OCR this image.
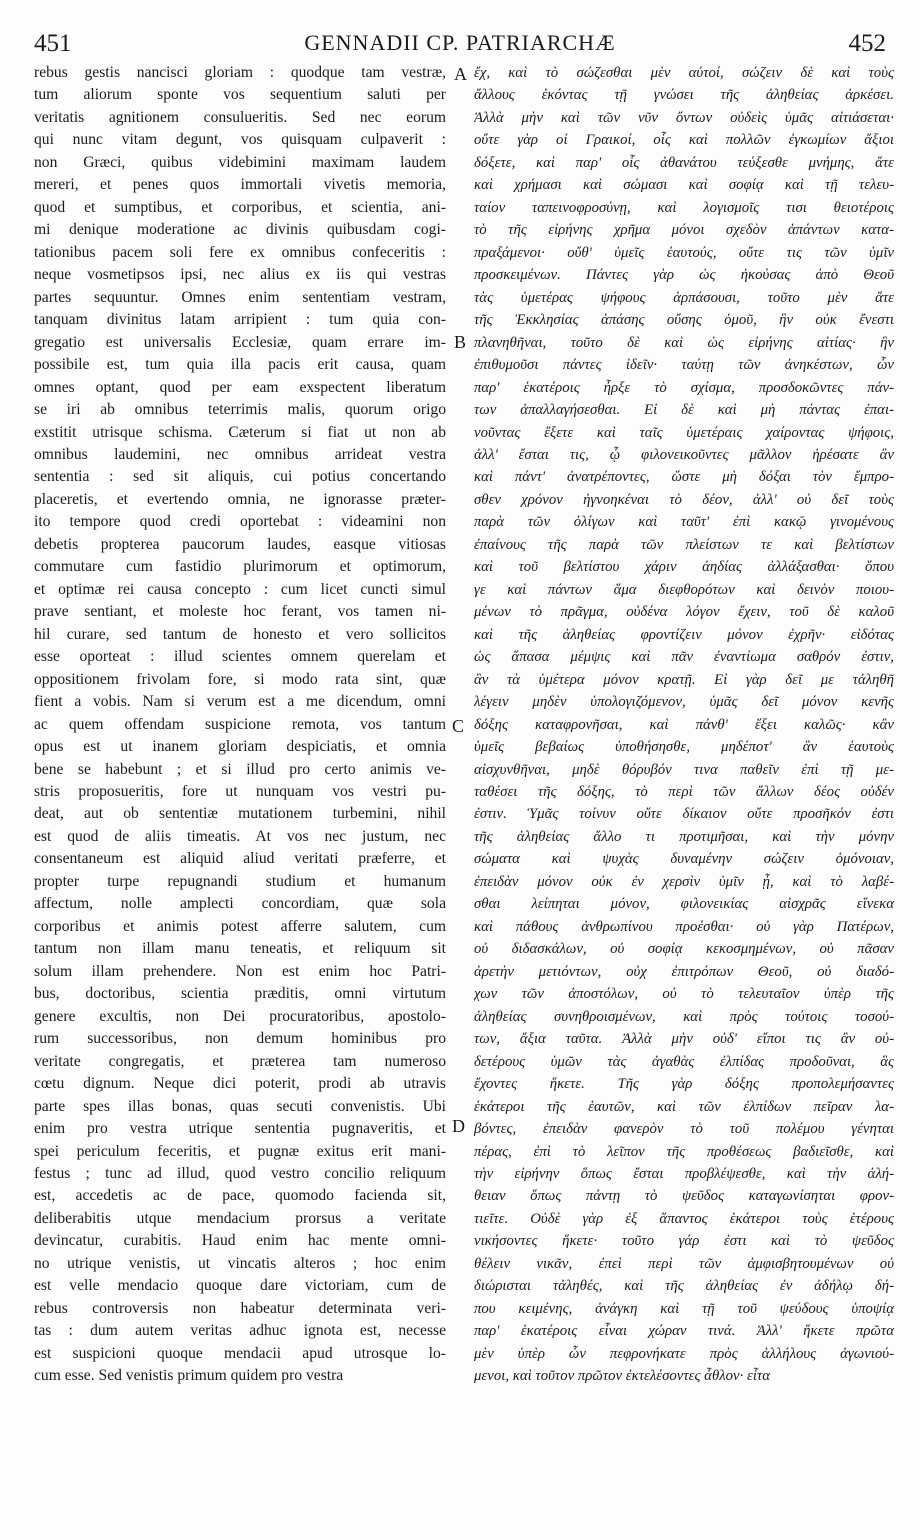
451	GENNADII CP. PATRIARCHÆ	452
rebus gestis nancisci gloriam : quodque tam vestræ,
tum aliorum sponte vos sequentium saluti per
veritatis agnitionem consulueritis. Sed nec eorum
qui nunc vitam degunt, vos quisquam culpaverit :
non Græci, quibus videbimini maximam laudem
mereri, et penes quos immortali vivetis memoria,
quod et sumptibus, et corporibus, et scientia, ani-
mi denique moderatione ac divinis quibusdam cogi-
tationibus pacem soli fere ex omnibus confeceritis :
neque vosmetipsos ipsi, nec alius ex iis qui vestras
partes sequuntur. Omnes enim sententiam vestram,
tanquam divinitus latam arripient : tum quia con-
gregatio est universalis Ecclesiæ, quam errare im-
possibile est, tum quia illa pacis erit causa, quam
omnes optant, quod per eam exspectent liberatum
se iri ab omnibus teterrimis malis, quorum origo
exstitit utrisque schisma. Cæterum si fiat ut non ab
omnibus laudemini, nec omnibus arrideat vestra
sententia : sed sit aliquis, cui potius concertando
placeretis, et evertendo omnia, ne ignorasse præter-
ito tempore quod credi oportebat : videamini non
debetis propterea paucorum laudes, easque vitiosas
commutare cum fastidio plurimorum et optimorum,
et optimæ rei causa concepto : cum licet cuncti simul
prave sentiant, et moleste hoc ferant, vos tamen ni-
hil curare, sed tantum de honesto et vero sollicitos
esse oporteat : illud scientes omnem querelam et
oppositionem frivolam fore, si modo rata sint, quæ
fient a vobis. Nam si verum est a me dicendum, omni
ac quem offendam suspicione remota, vos tantum
opus est ut inanem gloriam despiciatis, et omnia
bene se habebunt ; et si illud pro certo animis ve-
stris proposueritis, fore ut nunquam vos vestri pu-
deat, aut ob sententiæ mutationem turbemini, nihil
est quod de aliis timeatis. At vos nec justum, nec
consentaneum est aliquid aliud veritati præferre, et
propter turpe repugnandi studium et humanum
affectum, nolle amplecti concordiam, quæ sola
corporibus et animis potest afferre salutem, cum
tantum non illam manu teneatis, et reliquum sit
solum illam prehendere. Non est enim hoc Patri-
bus, doctoribus, scientia præditis, omni virtutum
genere excultis, non Dei procuratoribus, apostolo-
rum successoribus, non demum hominibus pro
veritate congregatis, et præterea tam numeroso
cœtu dignum. Neque dici poterit, prodi ab utravis
parte spes illas bonas, quas secuti convenistis. Ubi
enim pro vestra utrique sententia pugnaveritis, et
spei periculum feceritis, et pugnæ exitus erit mani-
festus ; tunc ad illud, quod vestro concilio reliquum
est, accedetis ac de pace, quomodo facienda sit,
deliberabitis utque mendacium prorsus a veritate
devincatur, curabitis. Haud enim hac mente omni-
no utrique venistis, ut vincatis alteros ; hoc enim
est velle mendacio quoque dare victoriam, cum de
rebus controversis non habeatur determinata veri-
tas : dum autem veritas adhuc ignota est, necesse
est suspicioni quoque mendacii apud utrosque lo-
cum esse. Sed venistis primum quidem pro vestra
ἔχ, καὶ τὸ σώζεσθαι μὲν αὐτοί, σώζειν δὲ καὶ τοὺς
ἄλλους ἑκόντας τῇ γνώσει τῆς ἀληθείας ἀρκέσει.
Ἀλλὰ μὴν καὶ τῶν νῦν ὄντων οὐδεὶς ὑμᾶς αἰτιάσεται·
οὔτε γὰρ οἱ Γραικοί, οἷς καὶ πολλῶν ἐγκωμίων ἄξιοι
δόξετε, καὶ παρ' οἷς ἀθανάτου τεύξεσθε μνήμης, ἅτε
καὶ χρήμασι καὶ σώμασι καὶ σοφίᾳ καὶ τῇ τελευ-
ταίον ταπεινοφροσύνῃ, καὶ λογισμοῖς τισι θειοτέροις
τὸ τῆς εἰρήνης χρῆμα μόνοι σχεδὸν ἁπάντων κατα-
πραξάμενοι· οὔθ' ὑμεῖς ἑαυτούς, οὔτε τις τῶν ὑμῖν
προσκειμένων. Πάντες γὰρ ὡς ἠκούσας ἀπὸ Θεοῦ
τὰς ὑμετέρας ψήφους ἁρπάσουσι, τοῦτο μὲν ἅτε
τῆς Ἐκκλησίας ἁπάσης οὔσης ὁμοῦ, ἣν οὐκ ἔνεστι
πλανηθῆναι, τοῦτο δὲ καὶ ὡς εἰρήνης αἰτίας· ἣν
ἐπιθυμοῦσι πάντες ἰδεῖν· ταύτῃ τῶν ἀνηκέστων, ὧν
παρ' ἑκατέροις ἦρξε τὸ σχίσμα, προσδοκῶντες πάν-
των ἀπαλλαγήσεσθαι. Εἰ δὲ καὶ μὴ πάντας ἐπαι-
νοῦντας ἕξετε καὶ ταῖς ὑμετέραις χαίροντας ψήφοις,
ἀλλ' ἔσται τις, ᾧ φιλονεικοῦντες μᾶλλον ἠρέσατε ἂν
καὶ πάντ' ἀνατρέποντες, ὥστε μὴ δόξαι τὸν ἔμπρο-
σθεν χρόνον ἠγνοηκέναι τὸ δέον, ἀλλ' οὐ δεῖ τοὺς
παρὰ τῶν ὀλίγων καὶ ταῦτ' ἐπὶ κακῷ γινομένους
ἐπαίνους τῆς παρὰ τῶν πλείστων τε καὶ βελτίστων
καὶ τοῦ βελτίστου χάριν ἀηδίας ἀλλάξασθαι· ὅπου
γε καὶ πάντων ἅμα διεφθορότων καὶ δεινὸν ποιου-
μένων τὸ πρᾶγμα, οὐδένα λόγον ἔχειν, τοῦ δὲ καλοῦ
καὶ τῆς ἀληθείας φροντίζειν μόνον ἐχρῆν· εἰδότας
ὡς ἅπασα μέμψις καὶ πᾶν ἐναντίωμα σαθρόν ἐστιν,
ἂν τὰ ὑμέτερα μόνον κρατῇ. Εἰ γὰρ δεῖ με τἀληθῆ
λέγειν μηδὲν ὑπολογιζόμενον, ὑμᾶς δεῖ μόνον κενῆς
δόξης καταφρονῆσαι, καὶ πάνθ' ἕξει καλῶς· κἂν
ὑμεῖς βεβαίως ὑποθήσησθε, μηδέποτ' ἂν ἑαυτοὺς
αἰσχυνθῆναι, μηδὲ θόρυβόν τινα παθεῖν ἐπὶ τῇ με-
ταθέσει τῆς δόξης, τὸ περὶ τῶν ἄλλων δέος οὐδέν
ἐστιν. Ὑμᾶς τοίνυν οὔτε δίκαιον οὔτε προσῆκόν ἐστι
τῆς ἀληθείας ἄλλο τι προτιμῆσαι, καὶ τὴν μόνην
σώματα καὶ ψυχὰς δυναμένην σώζειν ὁμόνοιαν,
ἐπειδὰν μόνον οὐκ ἐν χερσὶν ὑμῖν ᾖ, καὶ τὸ λαβέ-
σθαι λείπηται μόνον, φιλονεικίας αἰσχρᾶς εἵνεκα
καὶ πάθους ἀνθρωπίνου προέσθαι· οὐ γὰρ Πατέρων,
οὐ διδασκάλων, οὐ σοφίᾳ κεκοσμημένων, οὐ πᾶσαν
ἀρετὴν μετιόντων, οὐχ ἐπιτρόπων Θεοῦ, οὐ διαδό-
χων τῶν ἀποστόλων, οὐ τὸ τελευταῖον ὑπὲρ τῆς
ἀληθείας συνηθροισμένων, καὶ πρὸς τούτοις τοσού-
των, ἄξια ταῦτα. Ἀλλὰ μὴν οὐδ' εἴποι τις ἂν οὐ-
δετέρους ὑμῶν τὰς ἀγαθὰς ἐλπίδας προδοῦναι, ἃς
ἔχοντες ἥκετε. Τῆς γὰρ δόξης προπολεμήσαντες
ἑκάτεροι τῆς ἑαυτῶν, καὶ τῶν ἐλπίδων πεῖραν λα-
βόντες, ἐπειδὰν φανερὸν τὸ τοῦ πολέμου γένηται
πέρας, ἐπὶ τὸ λεῖπον τῆς προθέσεως βαδιεῖσθε, καὶ
τὴν εἰρήνην ὅπως ἔσται προβλέψεσθε, καὶ τὴν ἀλή-
θειαν ὅπως πάντῃ τὸ ψεῦδος καταγωνίσηται φρον-
τιεῖτε. Οὐδὲ γὰρ ἐξ ἅπαντος ἑκάτεροι τοὺς ἑτέρους
νικήσοντες ἥκετε· τοῦτο γάρ ἐστι καὶ τὸ ψεῦδος
θέλειν νικᾶν, ἐπεὶ περὶ τῶν ἀμφισβητουμένων οὐ
διώρισται τἀληθές, καὶ τῆς ἀληθείας ἐν ἀδήλῳ δή-
που κειμένης, ἀνάγκη καὶ τῇ τοῦ ψεύδους ὑποψίᾳ
παρ' ἑκατέροις εἶναι χώραν τινά. Ἀλλ' ἥκετε πρῶτα
μὲν ὑπὲρ ὧν πεφρονήκατε πρὸς ἀλλήλους ἀγωνιού-
μενοι, καὶ τοῦτον πρῶτον ἐκτελέσοντες ἆθλον· εἶτα
A
B
C
D
